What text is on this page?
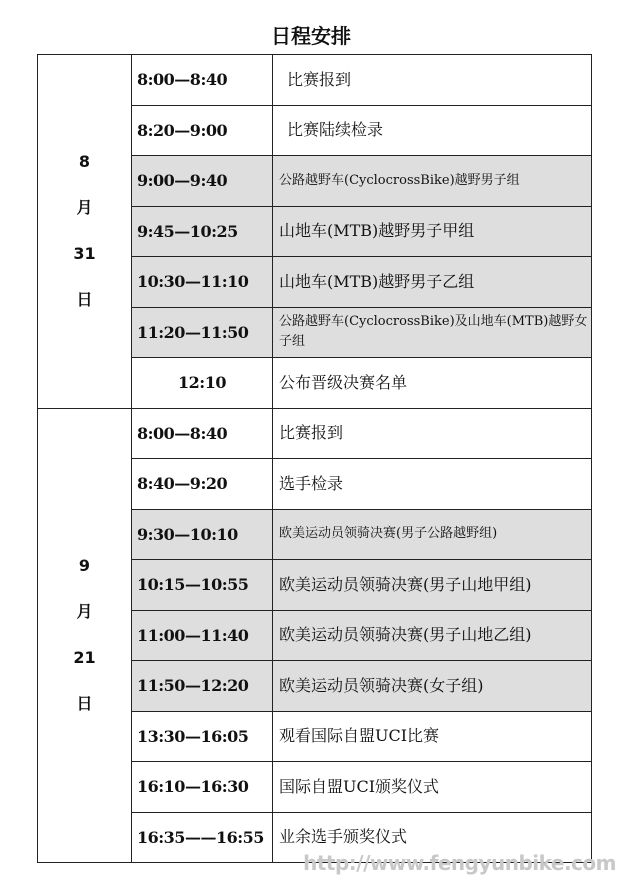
日程安排
8
月
31
日	8:00—8:40	比赛报到
	8:20—9:00	比赛陆续检录
	9:00—9:40	公路越野车(CyclocrossBike)越野男子组
	9:45—10:25	山地车(MTB)越野男子甲组
	10:30—11:10	山地车(MTB)越野男子乙组
	11:20—11:50	公路越野车(CyclocrossBike)及山地车(MTB)越野女子组
	12:10	公布晋级决赛名单

9
月
21
日	8:00—8:40	比赛报到
	8:40—9:20	选手检录
	9:30—10:10	欧美运动员领骑决赛(男子公路越野组)
	10:15—10:55	欧美运动员领骑决赛(男子山地甲组)
	11:00—11:40	欧美运动员领骑决赛(男子山地乙组)
	11:50—12:20	欧美运动员领骑决赛(女子组)
	13:30—16:05	观看国际自盟UCI比赛
	16:10—16:30	国际自盟UCI颁奖仪式
	16:35——16:55	业余选手颁奖仪式
http://www.fengyunbike.com
